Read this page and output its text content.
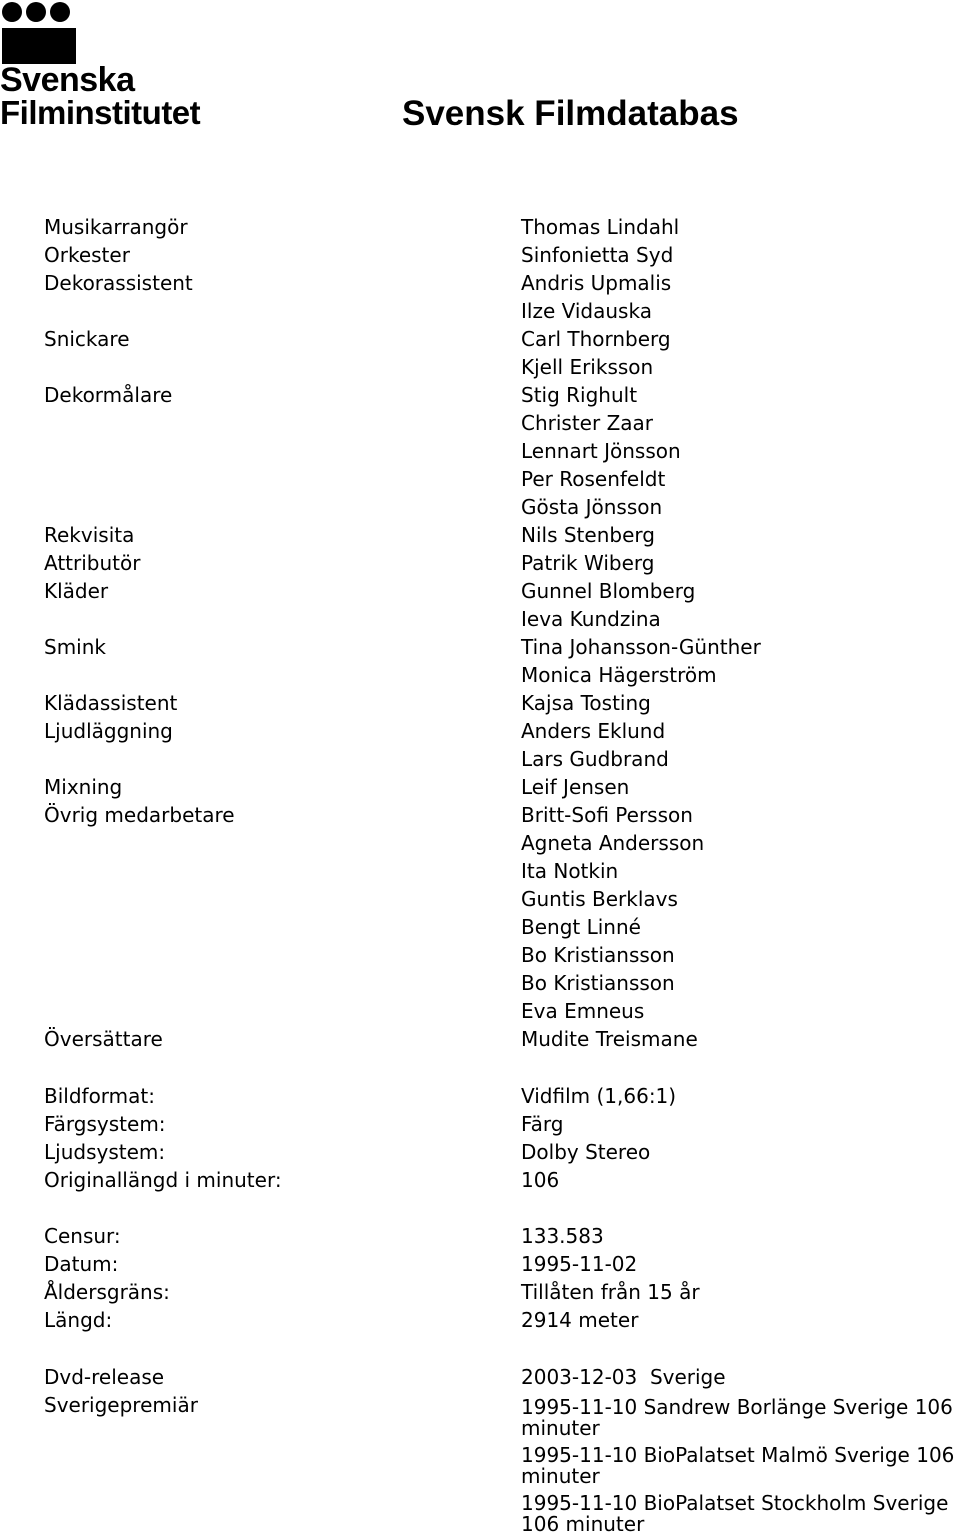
Svenska
Filminstitutet	Svensk Filmdatabas
Musikarrangör	Thomas Lindahl
Orkester	Sinfonietta Syd
Dekorassistent	Andris Upmalis
Ilze Vidauska
Snickare	Carl Thornberg
Kjell Eriksson
Dekormålare	Stig Righult
Christer Zaar
Lennart Jönsson
Per Rosenfeldt
Gösta Jönsson
Rekvisita	Nils Stenberg
Attributör	Patrik Wiberg
Kläder	Gunnel Blomberg
Ieva Kundzina
Smink	Tina Johansson-Günther
Monica Hägerström
Klädassistent	Kajsa Tosting
Ljudläggning	Anders Eklund
Lars Gudbrand
Mixning	Leif Jensen
Övrig medarbetare	Britt-Sofi Persson
Agneta Andersson
Ita Notkin
Guntis Berklavs
Bengt Linné
Bo Kristiansson
Bo Kristiansson
Eva Emneus
Översättare	Mudite Treismane
Bildformat:	Vidfilm (1,66:1)
Färgsystem:	Färg
Ljudsystem:	Dolby Stereo
Originallängd i minuter:	106
Censur:	133.583
Datum:	1995-11-02
Åldersgräns:	Tillåten från 15 år
Längd:	2914 meter
Dvd-release	2003-12-03  Sverige
Sverigepremiär	1995-11-10 Sandrew Borlänge Sverige 106 minuter
1995-11-10 BioPalatset Malmö Sverige 106 minuter
1995-11-10 BioPalatset Stockholm Sverige 106 minuter
